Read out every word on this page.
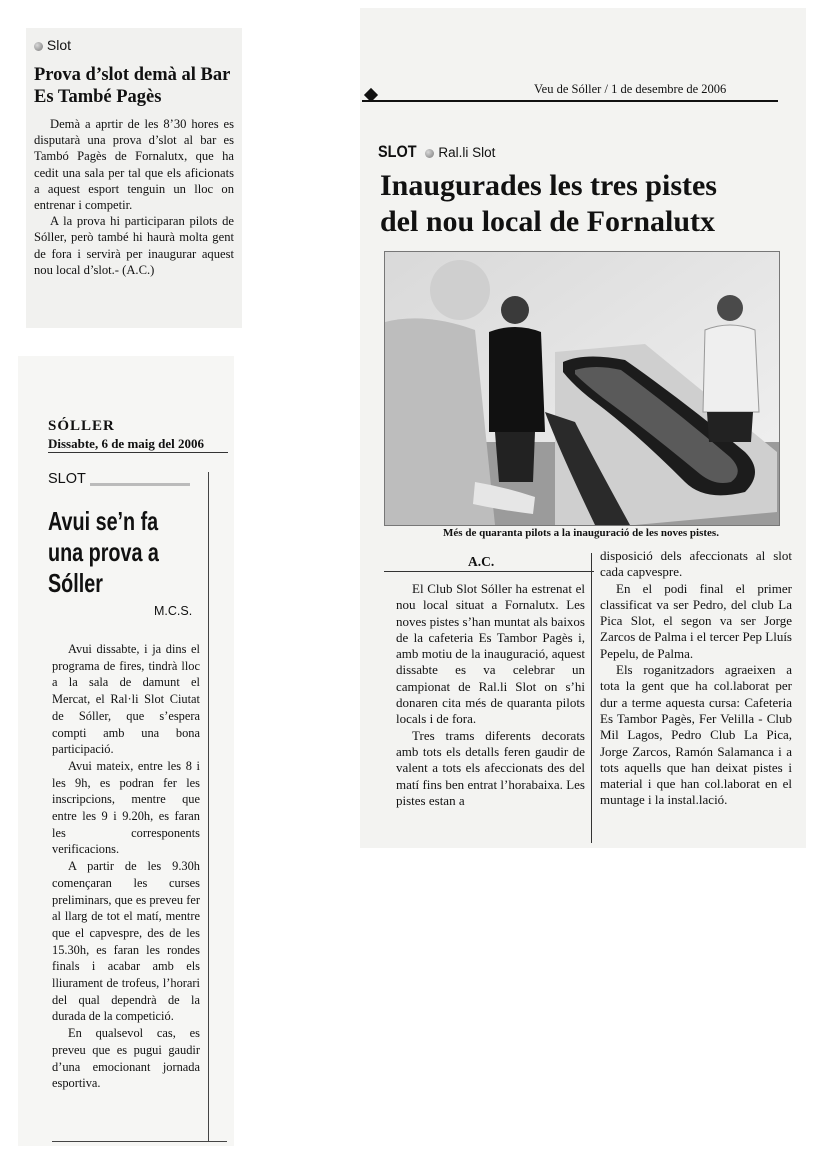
Slot
Prova d’slot demà al Bar Es També Pagès

Demà a aprtir de les 8’30 hores es disputarà una prova d’slot al bar es Tambó Pagès de Fornalutx, que ha cedit una sala per tal que els aficionats a aquest esport tenguin un lloc on entrenar i competir.

A la prova hi participaran pilots de Sóller, però també hi haurà molta gent de fora i servirà per inaugurar aquest nou local d’slot.- (A.C.)

SÓLLER
Dissabte, 6 de maig del 2006
SLOT
Avui se’n fa
una prova a
Sóller
M.C.S.

Avui dissabte, i ja dins el programa de fires, tindrà lloc a la sala de damunt el Mercat, el Ral·li Slot Ciutat de Sóller, que s’espera compti amb una bona participació.

Avui mateix, entre les 8 i les 9h, es podran fer les inscripcions, mentre que entre les 9 i 9.20h, es faran les corresponents verificacions.

A partir de les 9.30h començaran les curses preliminars, que es preveu fer al llarg de tot el matí, mentre que el capvespre, des de les 15.30h, es faran les rondes finals i acabar amb els lliurament de trofeus, l’horari del qual dependrà de la durada de la competició.

En qualsevol cas, es preveu que es pugui gaudir d’una emocionant jornada esportiva.

Veu de Sóller / 1 de desembre de 2006
SLOT Ral.li Slot
Inaugurades les tres pistes
del nou local de Fornalutx
Més de quaranta pilots a la inauguració de les noves pistes.
A.C.

El Club Slot Sóller ha estrenat el nou local situat a Fornalutx. Les noves pistes s’han muntat als baixos de la cafeteria Es Tambor Pagès i, amb motiu de la inauguració, aquest dissabte es va celebrar un campionat de Ral.li Slot on s’hi donaren cita més de quaranta pilots locals i de fora.

Tres trams diferents decorats amb tots els detalls feren gaudir de valent a tots els afeccionats des del matí fins ben entrat l’horabaixa. Les pistes estan a

disposició dels afeccionats al slot cada capvespre.

En el podi final el primer classificat va ser Pedro, del club La Pica Slot, el segon va ser Jorge Zarcos de Palma i el tercer Pep Lluís Pepelu, de Palma.

Els roganitzadors agraeixen a tota la gent que ha col.laborat per dur a terme aquesta cursa: Cafeteria Es Tambor Pagès, Fer Velilla - Club Mil Lagos, Pedro Club La Pica, Jorge Zarcos, Ramón Salamanca i a tots aquells que han deixat pistes i material i que han col.laborat en el muntage i la instal.lació.
